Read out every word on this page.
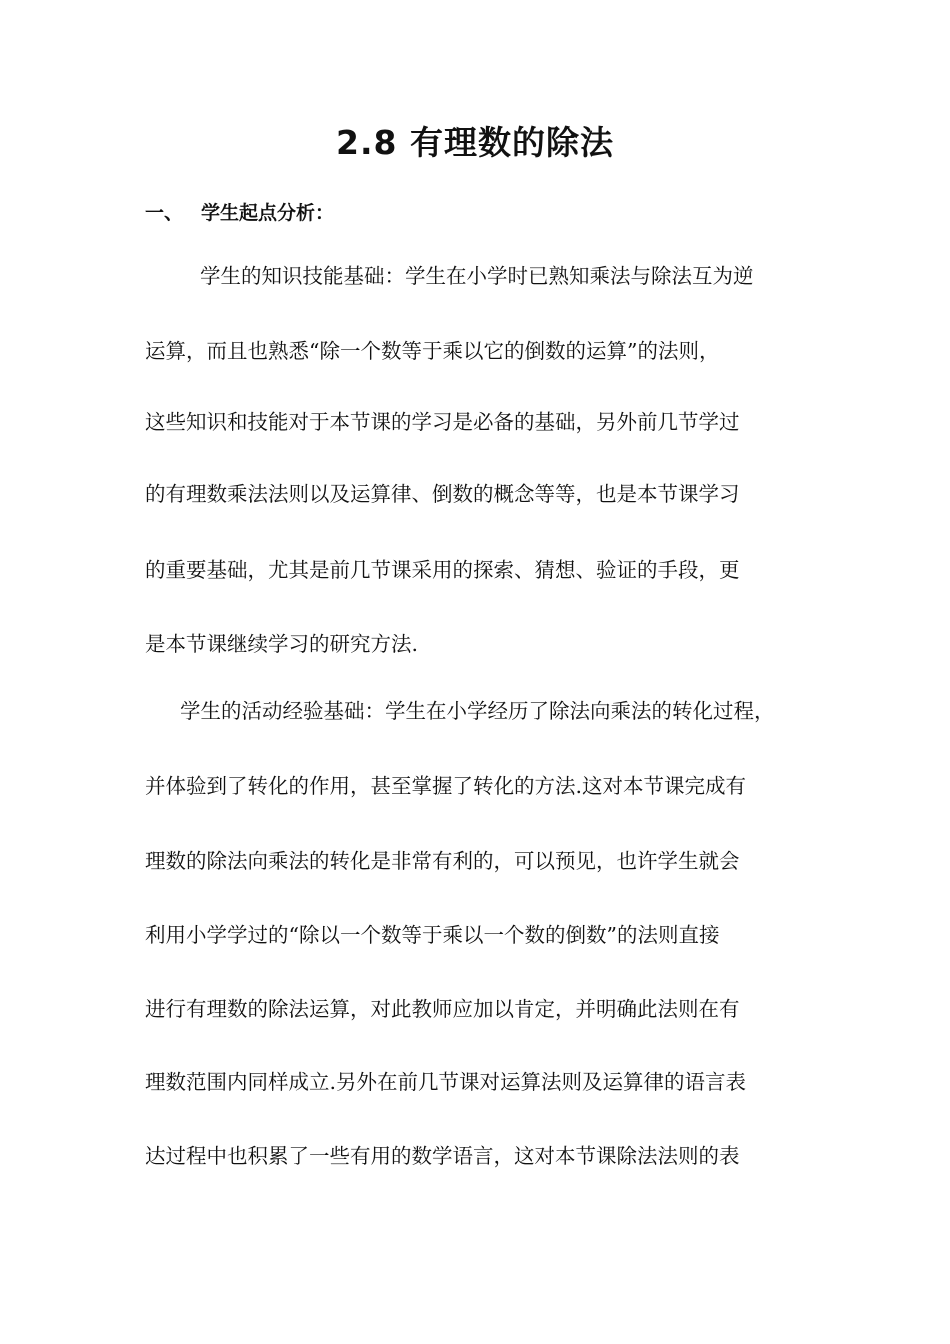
2.8 有理数的除法
一、 学生起点分析：
学生的知识技能基础：学生在小学时已熟知乘法与除法互为逆
运算，而且也熟悉“除一个数等于乘以它的倒数的运算”的法则，
这些知识和技能对于本节课的学习是必备的基础，另外前几节学过
的有理数乘法法则以及运算律、倒数的概念等等，也是本节课学习
的重要基础，尤其是前几节课采用的探索、猜想、验证的手段，更
是本节课继续学习的研究方法.
学生的活动经验基础：学生在小学经历了除法向乘法的转化过程，
并体验到了转化的作用，甚至掌握了转化的方法.这对本节课完成有
理数的除法向乘法的转化是非常有利的，可以预见，也许学生就会
利用小学学过的“除以一个数等于乘以一个数的倒数”的法则直接
进行有理数的除法运算，对此教师应加以肯定，并明确此法则在有
理数范围内同样成立.另外在前几节课对运算法则及运算律的语言表
达过程中也积累了一些有用的数学语言，这对本节课除法法则的表
